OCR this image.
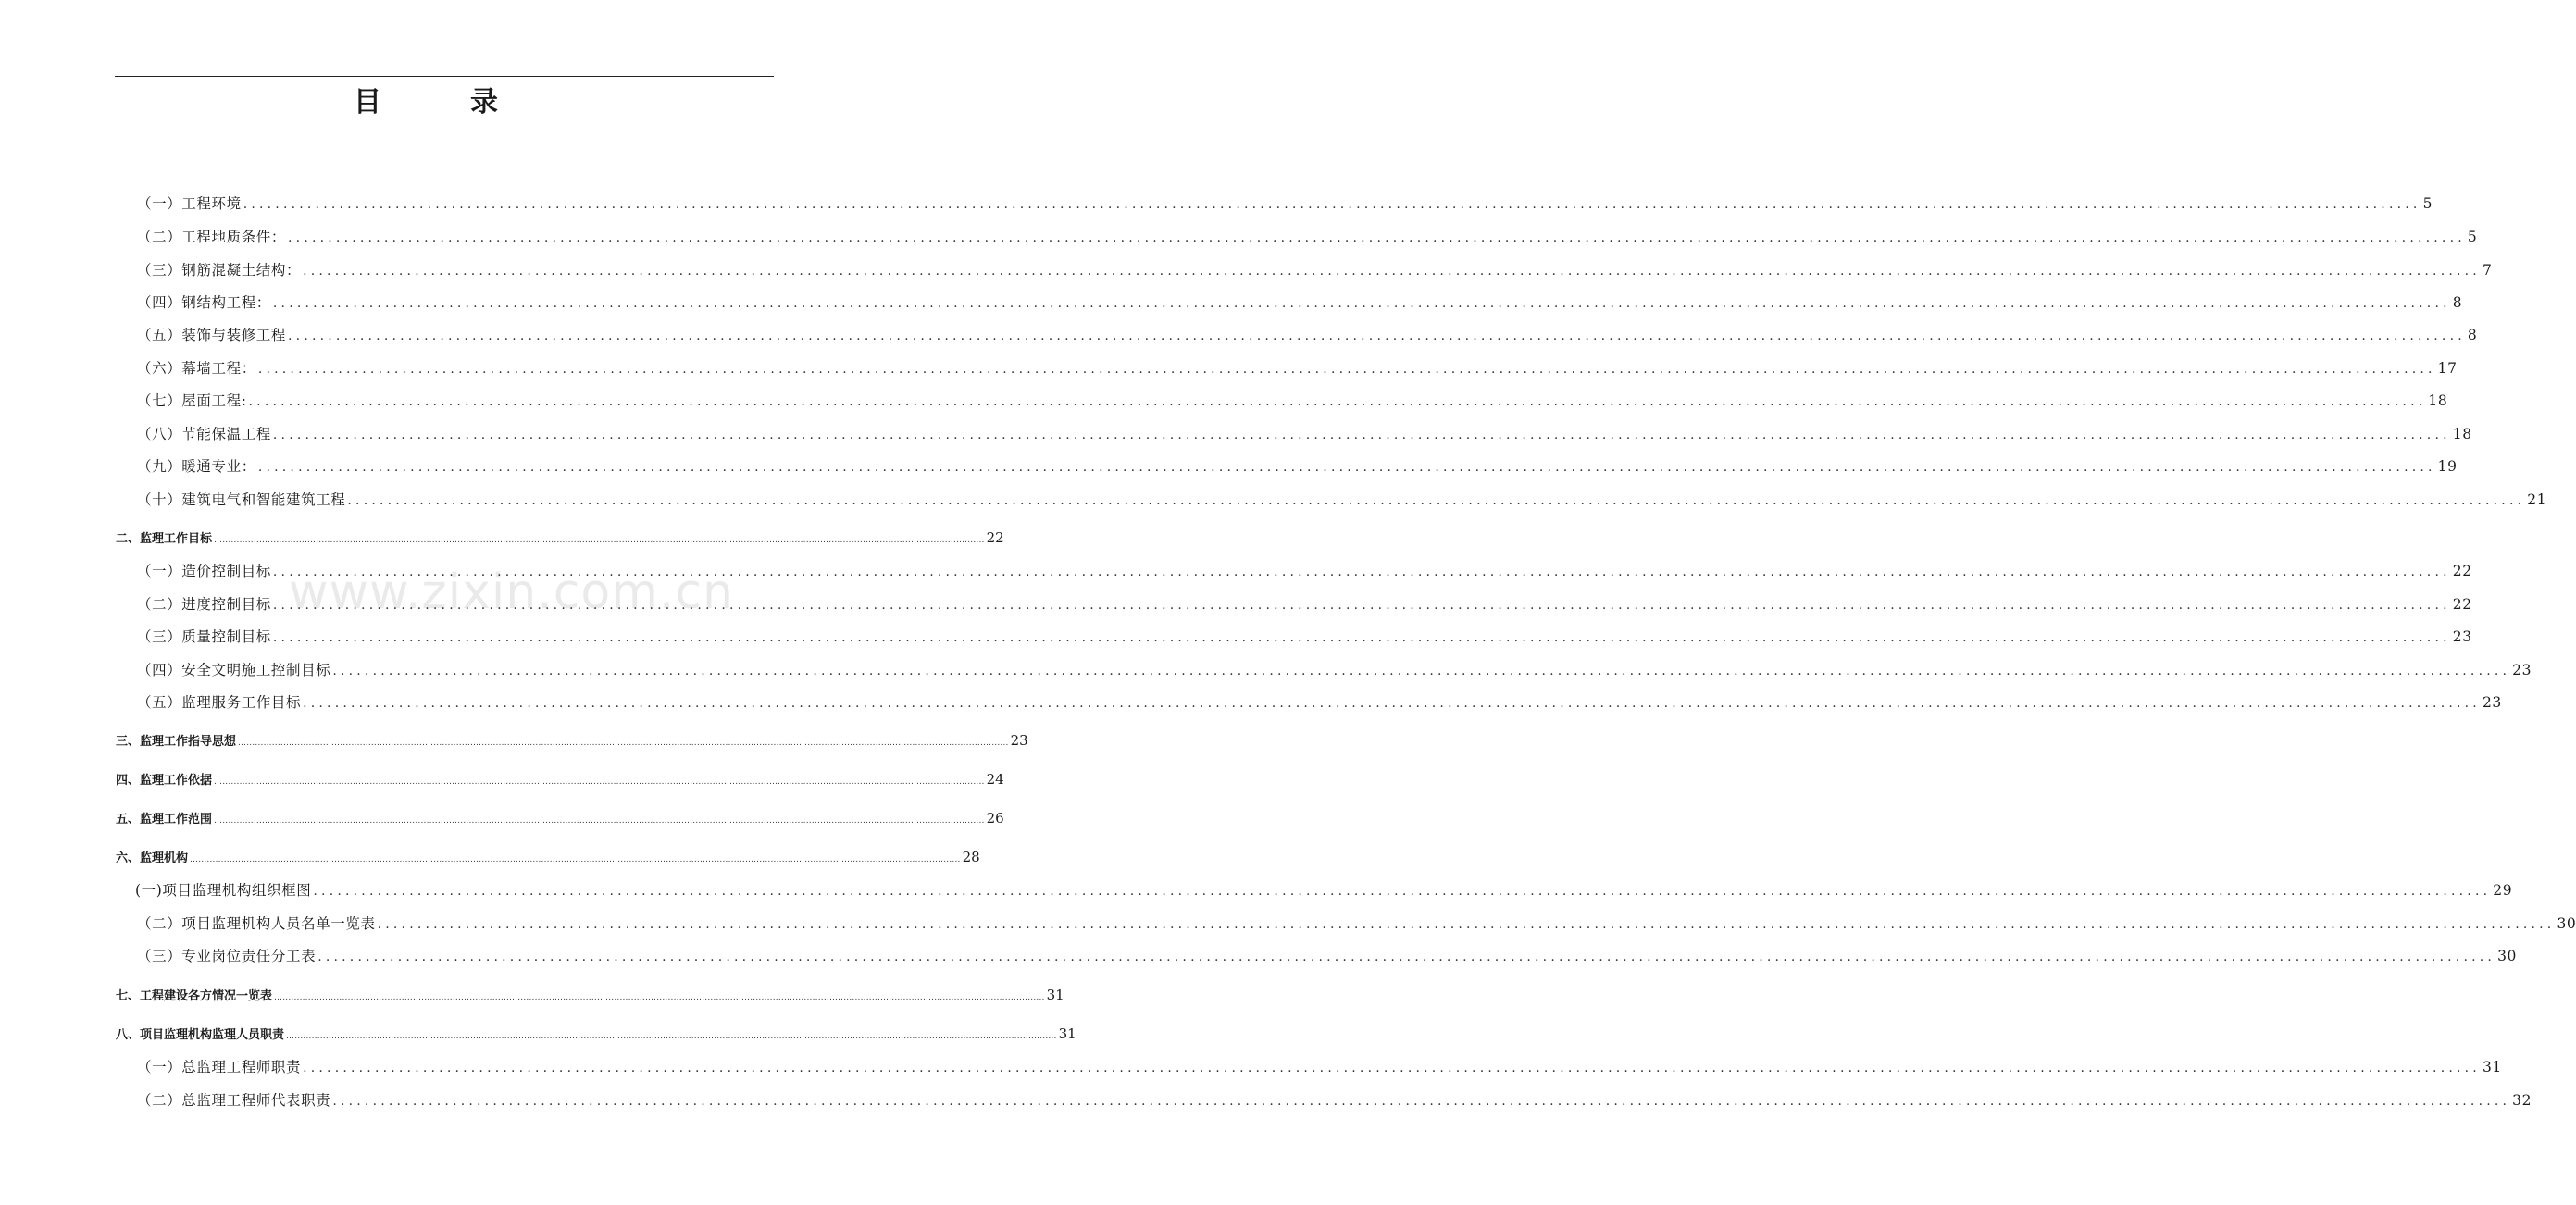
目	录
www.zixin.com.cn
（一）工程环境 ................................................................................................................................................................................................................................................................................ 5
（二）工程地质条件： ................................................................................................................................................................................................................................................................................ 5
（三）钢筋混凝土结构： ................................................................................................................................................................................................................................................................................ 7
（四）钢结构工程： ................................................................................................................................................................................................................................................................................ 8
（五）装饰与装修工程 ................................................................................................................................................................................................................................................................................ 8
（六）幕墙工程： ................................................................................................................................................................................................................................................................................ 17
（七）屋面工程: ................................................................................................................................................................................................................................................................................ 18
（八）节能保温工程 ................................................................................................................................................................................................................................................................................ 18
（九）暖通专业： ................................................................................................................................................................................................................................................................................ 19
（十）建筑电气和智能建筑工程 ................................................................................................................................................................................................................................................................................ 21
二、监理工作目标 ................................................................................................................................................................................................................................................................................ 22
（一）造价控制目标 ................................................................................................................................................................................................................................................................................ 22
（二）进度控制目标 ................................................................................................................................................................................................................................................................................ 22
（三）质量控制目标 ................................................................................................................................................................................................................................................................................ 23
（四）安全文明施工控制目标 ................................................................................................................................................................................................................................................................................ 23
（五）监理服务工作目标 ................................................................................................................................................................................................................................................................................ 23
三、监理工作指导思想 ................................................................................................................................................................................................................................................................................ 23
四、监理工作依据 ................................................................................................................................................................................................................................................................................ 24
五、监理工作范围 ................................................................................................................................................................................................................................................................................ 26
六、监理机构 ................................................................................................................................................................................................................................................................................ 28
(一)项目监理机构组织框图 ................................................................................................................................................................................................................................................................................ 29
（二）项目监理机构人员名单一览表 ................................................................................................................................................................................................................................................................................ 30
（三）专业岗位责任分工表 ................................................................................................................................................................................................................................................................................ 30
七、工程建设各方情况一览表 ................................................................................................................................................................................................................................................................................ 31
八、项目监理机构监理人员职责 ................................................................................................................................................................................................................................................................................ 31
（一）总监理工程师职责 ................................................................................................................................................................................................................................................................................ 31
（二）总监理工程师代表职责 ................................................................................................................................................................................................................................................................................ 32
